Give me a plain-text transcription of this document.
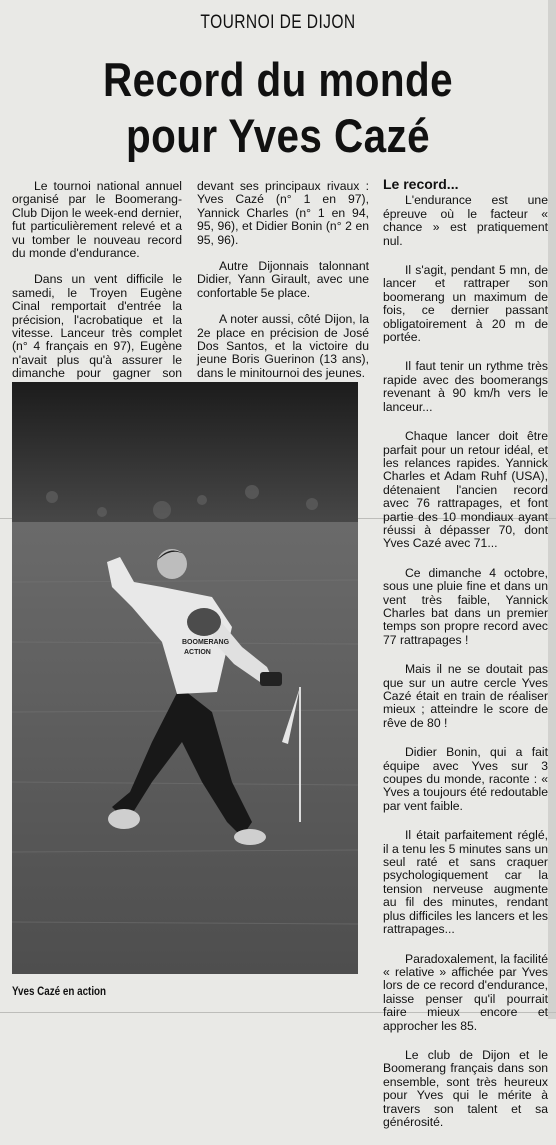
TOURNOI DE DIJON
Record du monde
pour Yves Cazé

Le tournoi national annuel organisé par le Boomerang-Club Dijon le week-end dernier, fut particulièrement relevé et a vu tomber le nouveau record du monde d'endurance.

Dans un vent difficile le samedi, le Troyen Eugène Cinal remportait d'entrée la précision, l'acrobatique et la vitesse. Lanceur très complet (n° 4 français en 97), Eugène n'avait plus qu'à assurer le dimanche pour gagner son

devant ses principaux rivaux : Yves Cazé (n° 1 en 97), Yannick Charles (n° 1 en 94, 95, 96), et Didier Bonin (n° 2 en 95, 96).

Autre Dijonnais talonnant Didier, Yann Girault, avec une confortable 5e place.

A noter aussi, côté Dijon, la 2e place en précision de José Dos Santos, et la victoire du jeune Boris Guerinon (13 ans), dans le minitournoi des jeunes.

Le record...

L'endurance est une épreuve où le facteur « chance » est pratiquement nul.

Il s'agit, pendant 5 mn, de lancer et rattraper son boomerang un maximum de fois, ce dernier passant obligatoirement à 20 m de portée.

Il faut tenir un rythme très rapide avec des boomerangs revenant à 90 km/h vers le lanceur...

Chaque lancer doit être parfait pour un retour idéal, et les relances rapides. Yannick Charles et Adam Ruhf (USA), détenaient l'ancien record avec 76 rattrapages, et font partie des 10 mondiaux ayant réussi à dépasser 70, dont Yves Cazé avec 71...

Ce dimanche 4 octobre, sous une pluie fine et dans un vent très faible, Yannick Charles bat dans un premier temps son propre record avec 77 rattrapages !

Mais il ne se doutait pas que sur un autre cercle Yves Cazé était en train de réaliser mieux ; atteindre le score de rêve de 80 !

Didier Bonin, qui a fait équipe avec Yves sur 3 coupes du monde, raconte : « Yves a toujours été redoutable par vent faible.

Il était parfaitement réglé, il a tenu les 5 minutes sans un seul raté et sans craquer psychologiquement car la tension nerveuse augmente au fil des minutes, rendant plus difficiles les lancers et les rattrapages...

Paradoxalement, la facilité « relative » affichée par Yves lors de ce record d'endurance, laisse penser qu'il pourrait faire mieux encore et approcher les 85.

Le club de Dijon et le Boomerang français dans son ensemble, sont très heureux pour Yves qui le mérite à travers son talent et sa générosité.

BOOMERANG
ACTION
Yves Cazé en action
